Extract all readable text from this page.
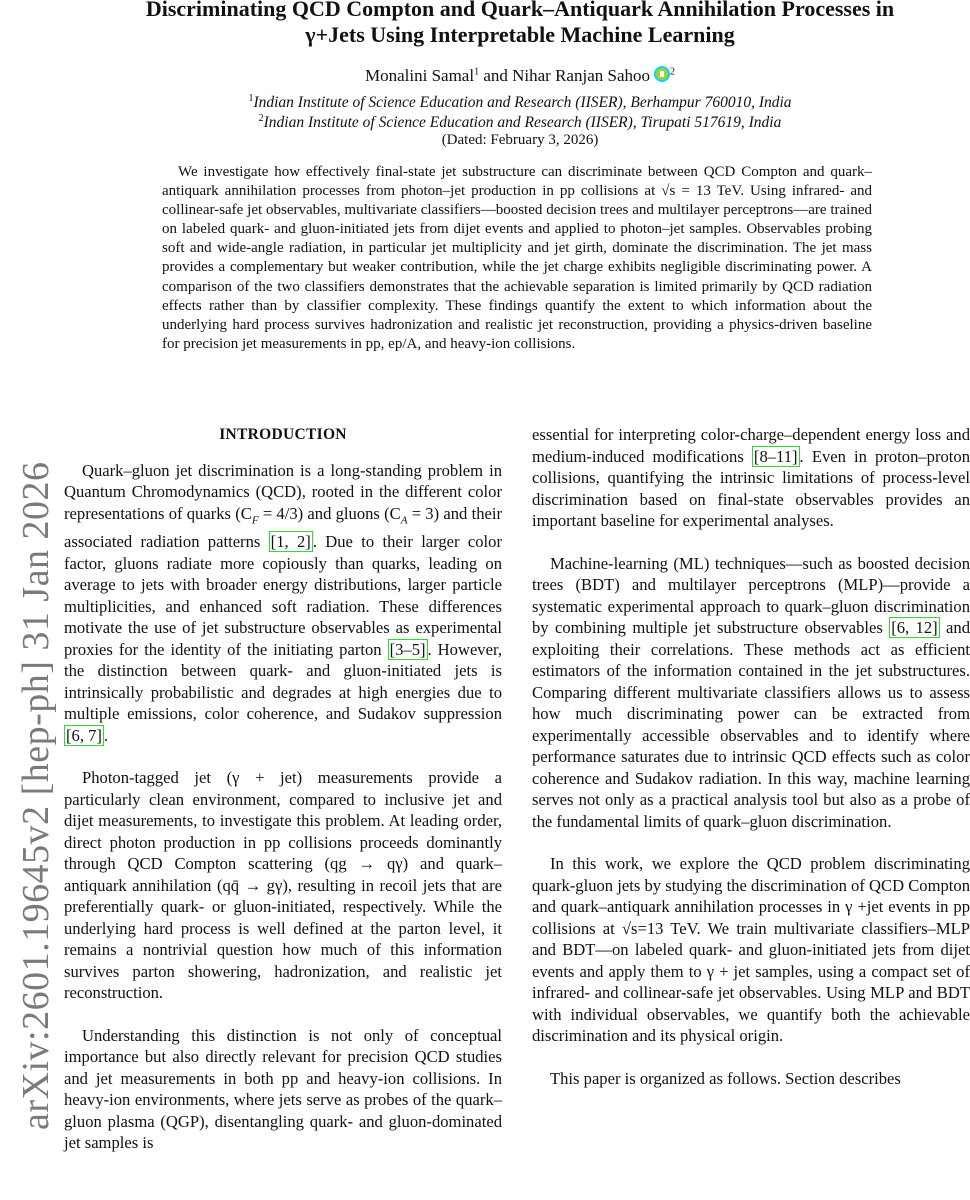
arXiv:2601.19645v2 [hep-ph] 31 Jan 2026
Discriminating QCD Compton and Quark–Antiquark Annihilation Processes in
γ+Jets Using Interpretable Machine Learning
Monalini Samal$^1$ and Nihar Ranjan Sahoo $^2$
$^1$Indian Institute of Science Education and Research (IISER), Berhampur 760010, India
$^2$Indian Institute of Science Education and Research (IISER), Tirupati 517619, India
(Dated: February 3, 2026)
We investigate how effectively final-state jet substructure can discriminate between QCD Compton and quark–antiquark annihilation processes from photon–jet production in pp collisions at √s = 13 TeV. Using infrared- and collinear-safe jet observables, multivariate classifiers—boosted decision trees and multilayer perceptrons—are trained on labeled quark- and gluon-initiated jets from dijet events and applied to photon–jet samples. Observables probing soft and wide-angle radiation, in particular jet multiplicity and jet girth, dominate the discrimination. The jet mass provides a complementary but weaker contribution, while the jet charge exhibits negligible discriminating power. A comparison of the two classifiers demonstrates that the achievable separation is limited primarily by QCD radiation effects rather than by classifier complexity. These findings quantify the extent to which information about the underlying hard process survives hadronization and realistic jet reconstruction, providing a physics-driven baseline for precision jet measurements in pp, ep/A, and heavy-ion collisions.
INTRODUCTION

Quark–gluon jet discrimination is a long-standing problem in Quantum Chromodynamics (QCD), rooted in the different color representations of quarks $(C_F = 4/3)$ and gluons $(C_A = 3)$ and their associated radiation patterns [1, 2] . Due to their larger color factor, gluons radiate more copiously than quarks, leading on average to jets with broader energy distributions, larger particle multiplicities, and enhanced soft radiation. These differences motivate the use of jet substructure observables as experimental proxies for the identity of the initiating parton [3–5] . However, the distinction between quark- and gluon-initiated jets is intrinsically probabilistic and degrades at high energies due to multiple emissions, color coherence, and Sudakov suppression [6, 7] .

Photon-tagged jet (γ + jet) measurements provide a particularly clean environment, compared to inclusive jet and dijet measurements, to investigate this problem. At leading order, direct photon production in pp collisions proceeds dominantly through QCD Compton scattering (qg → qγ) and quark–antiquark annihilation (qq̄ → gγ), resulting in recoil jets that are preferentially quark- or gluon-initiated, respectively. While the underlying hard process is well defined at the parton level, it remains a nontrivial question how much of this information survives parton showering, hadronization, and realistic jet reconstruction.

Understanding this distinction is not only of conceptual importance but also directly relevant for precision QCD studies and jet measurements in both pp and heavy-ion collisions. In heavy-ion environments, where jets serve as probes of the quark–gluon plasma (QGP), disentangling quark- and gluon-dominated jet samples is

essential for interpreting color-charge–dependent energy loss and medium-induced modifications [8–11] . Even in proton–proton collisions, quantifying the intrinsic limitations of process-level discrimination based on final-state observables provides an important baseline for experimental analyses.

Machine-learning (ML) techniques—such as boosted decision trees (BDT) and multilayer perceptrons (MLP)—provide a systematic experimental approach to quark–gluon discrimination by combining multiple jet substructure observables [6, 12] and exploiting their correlations. These methods act as efficient estimators of the information contained in the jet substructures. Comparing different multivariate classifiers allows us to assess how much discriminating power can be extracted from experimentally accessible observables and to identify where performance saturates due to intrinsic QCD effects such as color coherence and Sudakov radiation. In this way, machine learning serves not only as a practical analysis tool but also as a probe of the fundamental limits of quark–gluon discrimination.

In this work, we explore the QCD problem discriminating quark-gluon jets by studying the discrimination of QCD Compton and quark–antiquark annihilation processes in γ +jet events in pp collisions at √s=13 TeV. We train multivariate classifiers–MLP and BDT—on labeled quark- and gluon-initiated jets from dijet events and apply them to γ + jet samples, using a compact set of infrared- and collinear-safe jet observables. Using MLP and BDT with individual observables, we quantify both the achievable discrimination and its physical origin.

This paper is organized as follows. Section describes
